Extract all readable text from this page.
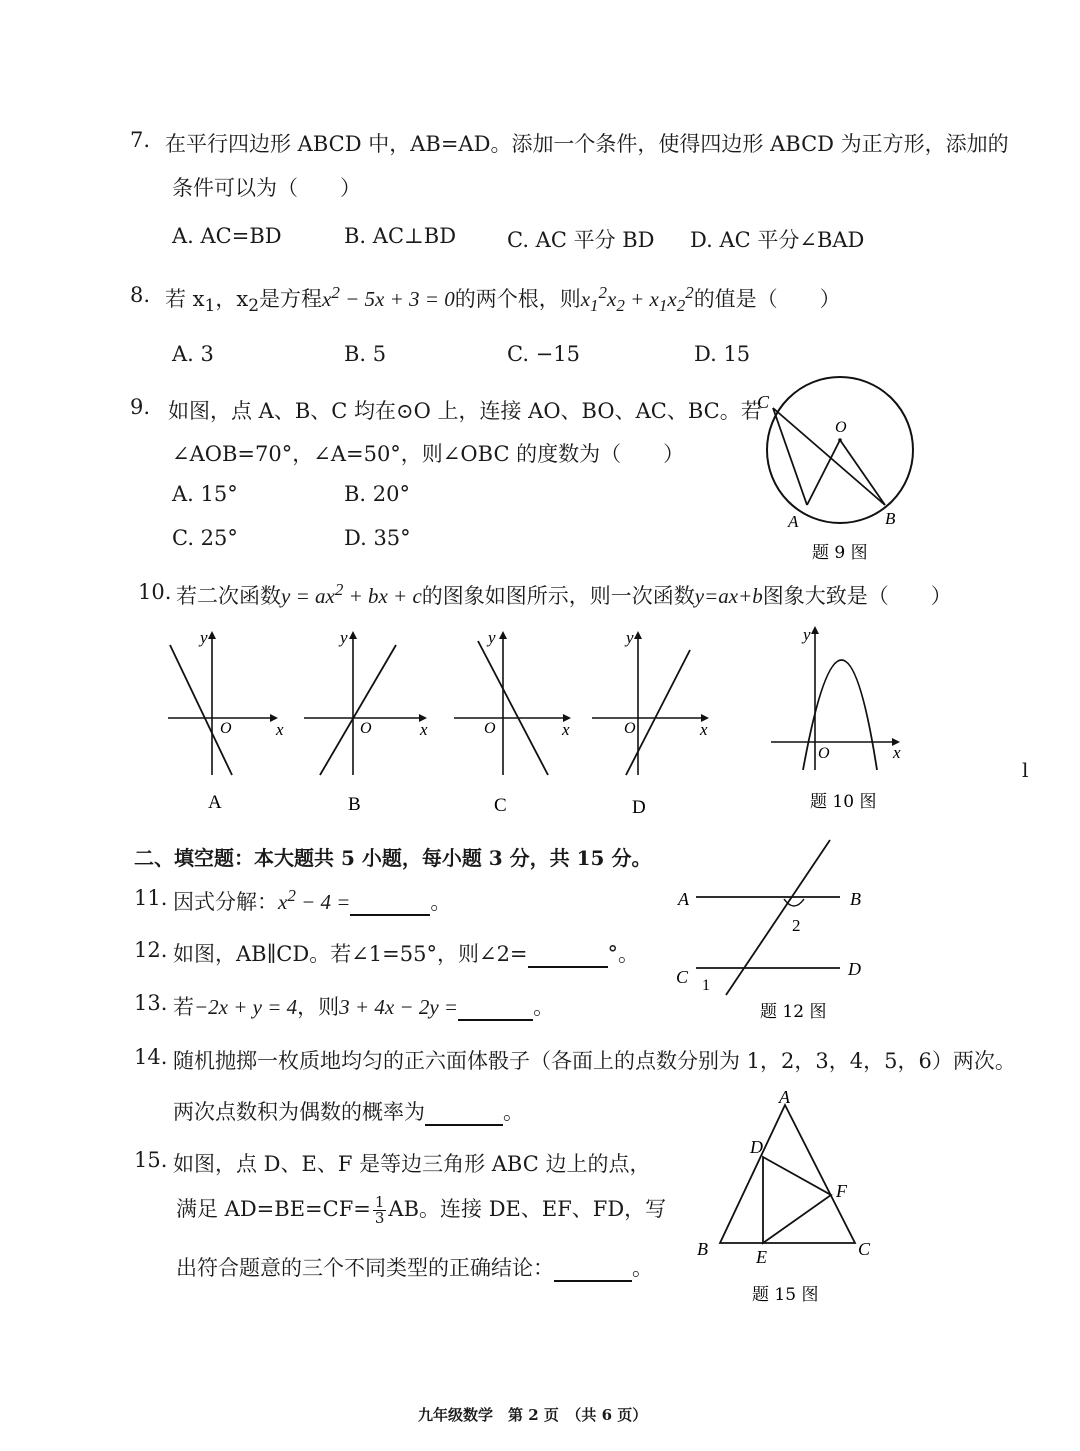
7. 在平行四边形 ABCD 中，AB=AD。添加一个条件，使得四边形 ABCD 为正方形，添加的
条件可以为（　　）
A. AC=BD	B. AC⊥BD C. AC 平分 BD D. AC 平分∠BAD
8. 若 $x_1$，$x_2$是方程$x^2 - 5x + 3 = 0$的两个根，则$x_1^2x_2 + x_1x_2^2$的值是（　　）
A. 3	B. 5	C. −15	D. 15
9. 如图，点 A、B、C 均在⊙O 上，连接 AO、BO、AC、BC。若
∠AOB=70°，∠A=50°，则∠OBC 的度数为（　　）
A. 15°	B. 20°
C. 25°	D. 35°
C
O
A	B
题 9 图
10. 若二次函数$y = ax^2$ + bx + c的图象如图所示，则一次函数y=ax+b图象大致是（　　）
y
O	x
A
y
O	x
B
y
O	x
C
y
O	x
D
y
O	x
题 10 图
l
二、填空题：本大题共 5 小题，每小题 3 分，共 15 分。
11. 因式分解：$x^2 - 4$ =	。
12. 如图，AB∥CD。若∠1=55°，则∠2=	°。
13. 若−2x + y = 4，则3 + 4x − 2y =	。
A	B
C	D
1
2
题 12 图
14. 随机抛掷一枚质地均匀的正六面体骰子（各面上的点数分别为 1，2，3，4，5，6）两次。
两次点数积为偶数的概率为	。
15. 如图，点 D、E、F 是等边三角形 ABC 边上的点，
满足 $AD=BE=CF= \frac{1}{3}$ AB。连接 DE、EF、FD，写
出符合题意的三个不同类型的正确结论：	。
A
B	C
D
E
F
题 15 图
九年级数学　第 2 页　（共 6 页）
